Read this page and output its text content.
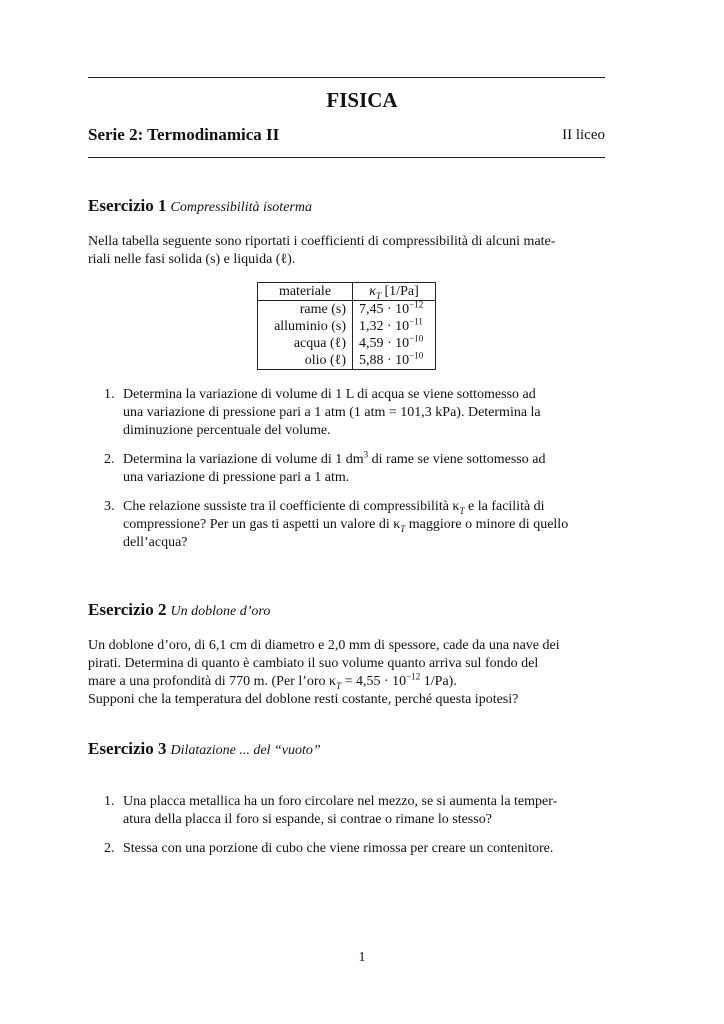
FISICA
Serie 2: Termodinamica II	II liceo
Esercizio 1 Compressibilità isoterma

Nella tabella seguente sono riportati i coefficienti di compressibilità di alcuni mate-

riali nelle fasi solida (s) e liquida (ℓ).

materiale	$\kappa_T$ [1/Pa]
rame (s)	$7,45 \cdot 10^{-12}$
alluminio (s)	$1,32 \cdot 10^{-11}$
acqua (ℓ)	$4,59 \cdot 10^{-10}$
olio (ℓ)	$5,88 \cdot 10^{-10}$
1. Determina la variazione di volume di 1 L di acqua se viene sottomesso ad
una variazione di pressione pari a 1 atm (1 atm = 101,3 kPa). Determina la
diminuzione percentuale del volume.
2. Determina la variazione di volume di 1 $dm^3$ di rame se viene sottomesso ad
una variazione di pressione pari a 1 atm.
3. Che relazione sussiste tra il coefficiente di compressibilità $\kappa_T$ e la facilità di
compressione? Per un gas ti aspetti un valore di $\kappa_T$ maggiore o minore di quello
dell’acqua?
Esercizio 2 Un doblone d’oro

Un doblone d’oro, di 6,1 cm di diametro e 2,0 mm di spessore, cade da una nave dei

pirati. Determina di quanto è cambiato il suo volume quanto arriva sul fondo del

mare a una profondità di 770 m. (Per l’oro $\kappa_T = 4,55 \cdot 10^{-12}$ 1/Pa).

Supponi che la temperatura del doblone resti costante, perché questa ipotesi?

Esercizio 3 Dilatazione ... del “vuoto”
1. Una placca metallica ha un foro circolare nel mezzo, se si aumenta la temper-
atura della placca il foro si espande, si contrae o rimane lo stesso?
2. Stessa con una porzione di cubo che viene rimossa per creare un contenitore.
1
